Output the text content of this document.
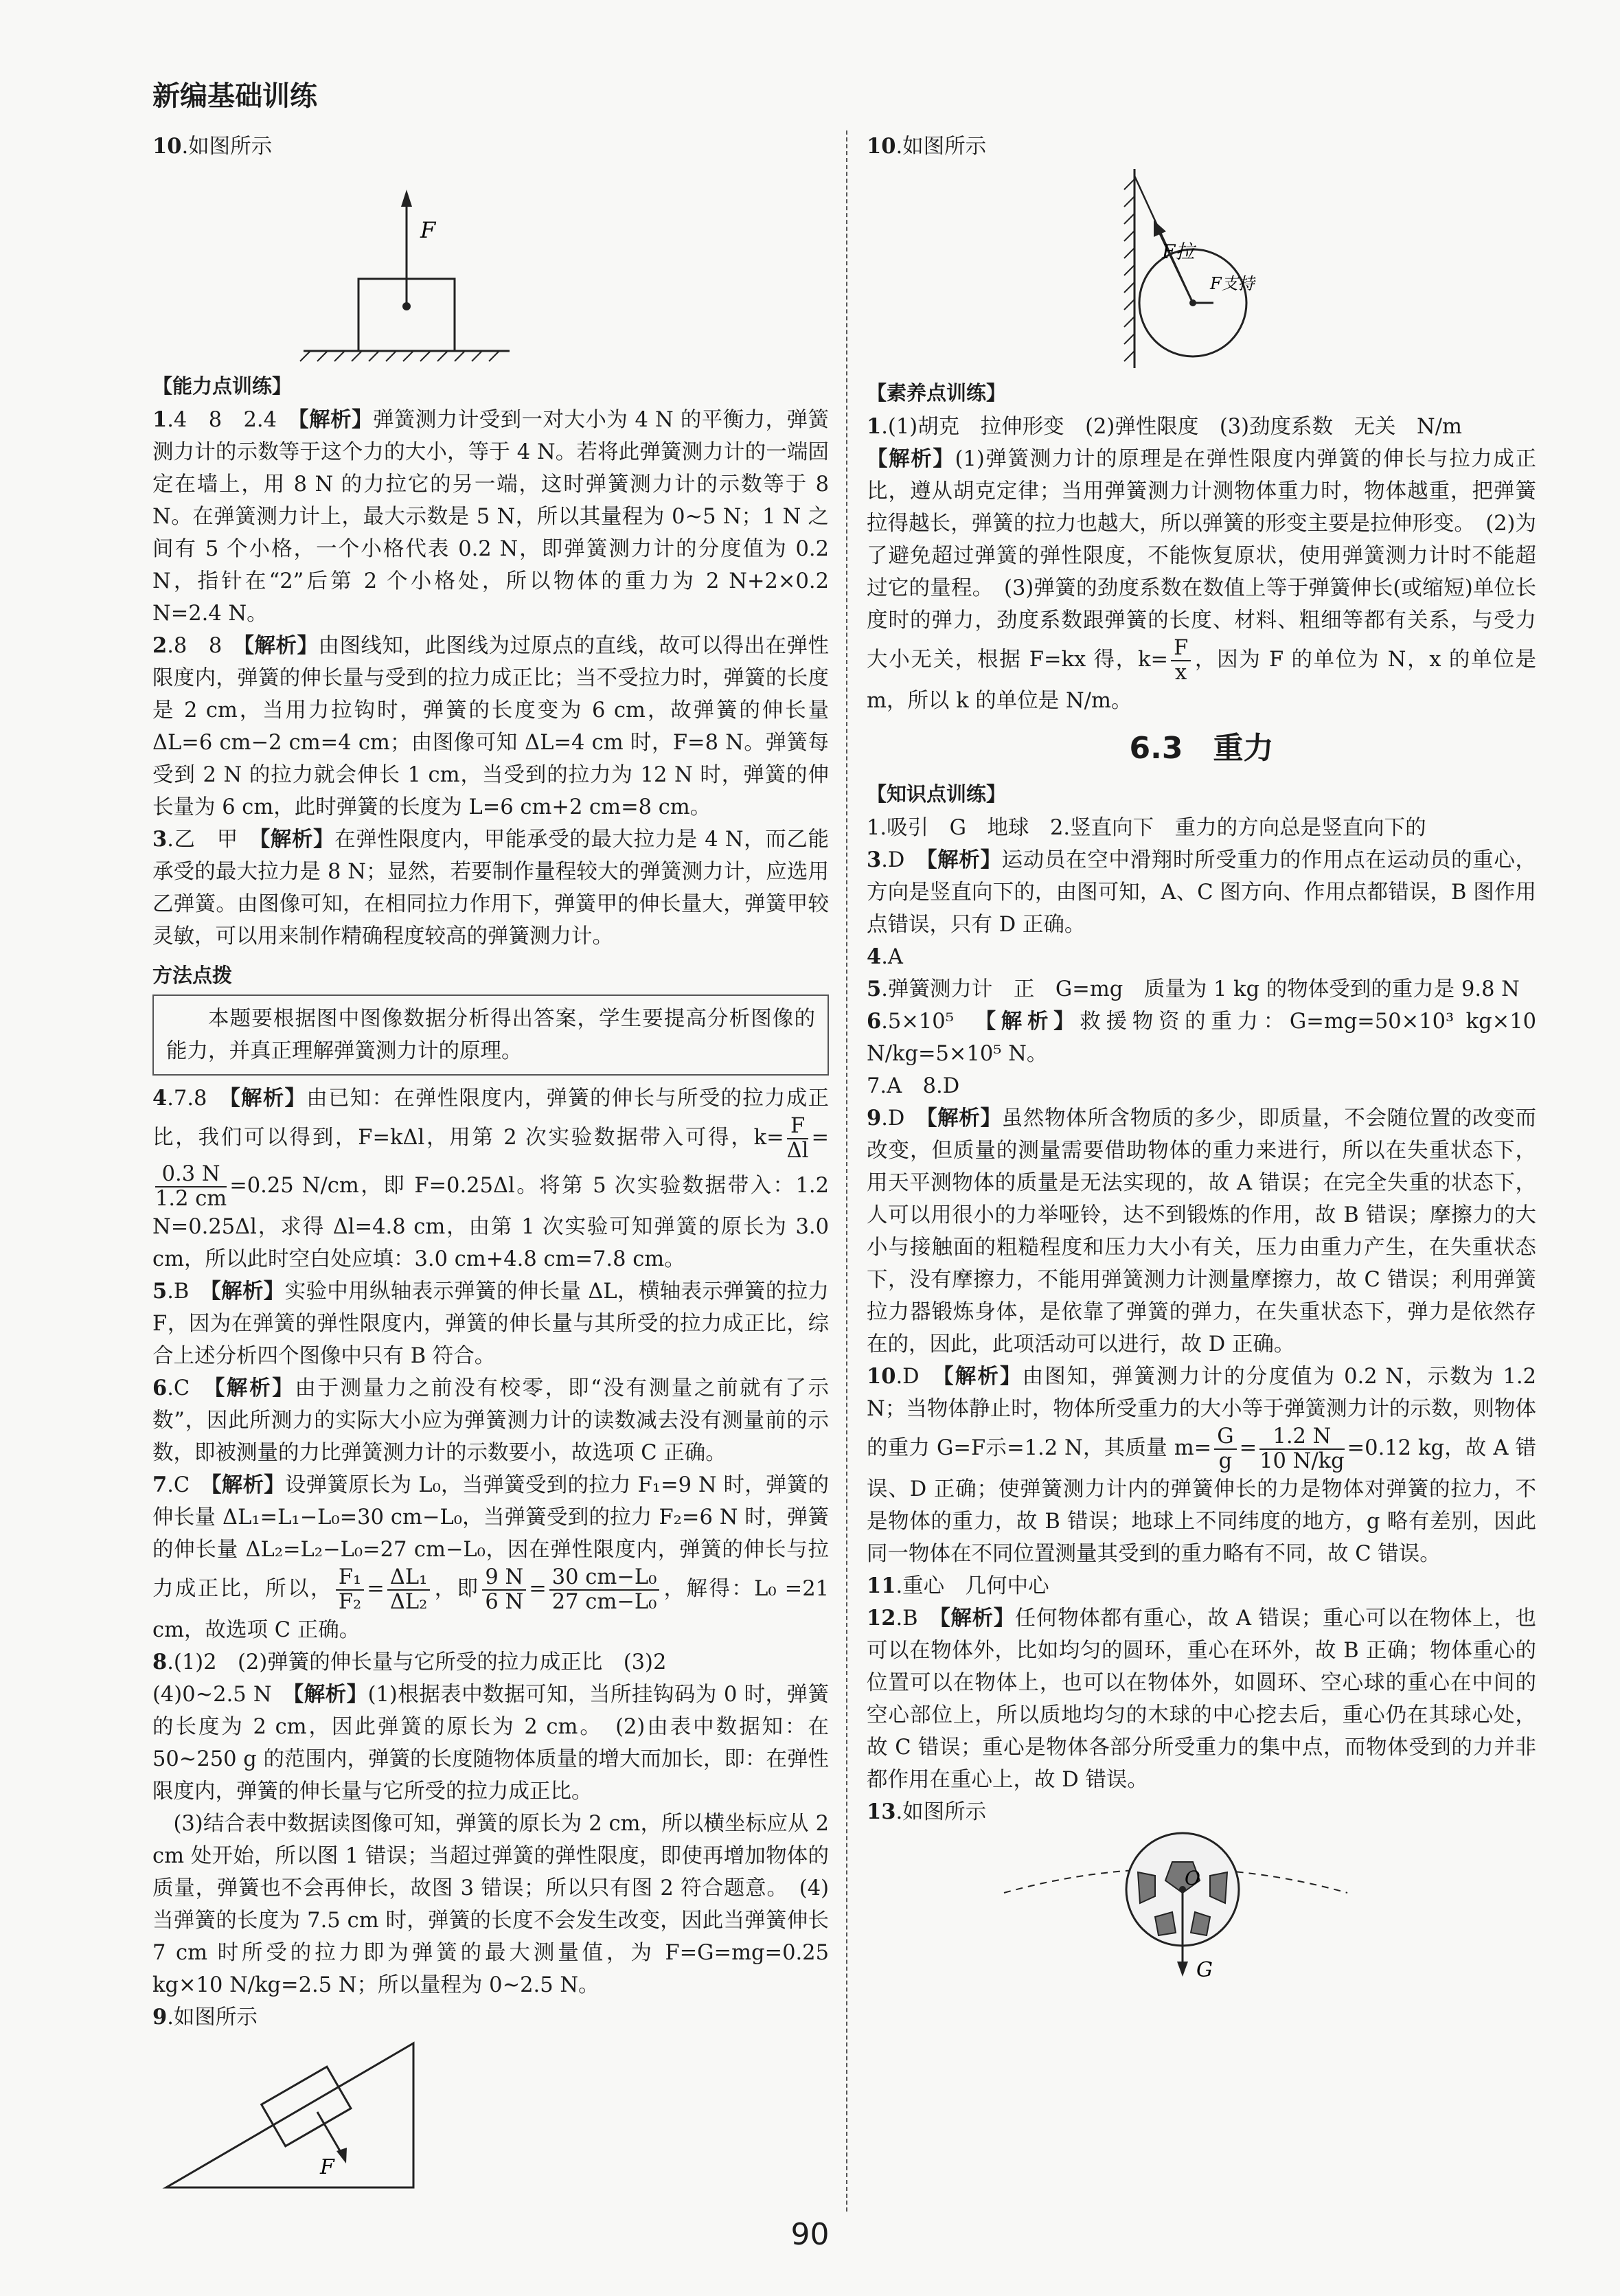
新编基础训练

10.如图所示

F
【能力点训练】

1.4　8　2.4　【解析】弹簧测力计受到一对大小为 4 N 的平衡力，弹簧测力计的示数等于这个力的大小，等于 4 N。若将此弹簧测力计的一端固定在墙上，用 8 N 的力拉它的另一端，这时弹簧测力计的示数等于 8 N。在弹簧测力计上，最大示数是 5 N，所以其量程为 0~5 N；1 N 之间有 5 个小格，一个小格代表 0.2 N，即弹簧测力计的分度值为 0.2 N，指针在“2”后第 2 个小格处，所以物体的重力为 2 N+2×0.2 N=2.4 N。

2.8　8　【解析】由图线知，此图线为过原点的直线，故可以得出在弹性限度内，弹簧的伸长量与受到的拉力成正比；当不受拉力时，弹簧的长度是 2 cm，当用力拉钩时，弹簧的长度变为 6 cm，故弹簧的伸长量 ΔL=6 cm−2 cm=4 cm；由图像可知 ΔL=4 cm 时，F=8 N。弹簧每受到 2 N 的拉力就会伸长 1 cm，当受到的拉力为 12 N 时，弹簧的伸长量为 6 cm，此时弹簧的长度为 L=6 cm+2 cm=8 cm。

3.乙　甲　【解析】在弹性限度内，甲能承受的最大拉力是 4 N，而乙能承受的最大拉力是 8 N；显然，若要制作量程较大的弹簧测力计，应选用乙弹簧。由图像可知，在相同拉力作用下，弹簧甲的伸长量大，弹簧甲较灵敏，可以用来制作精确程度较高的弹簧测力计。

方法点拨

本题要根据图中图像数据分析得出答案，学生要提高分析图像的能力，并真正理解弹簧测力计的原理。

4.7.8　【解析】由已知：在弹性限度内，弹簧的伸长与所受的拉力成正比，我们可以得到，F=kΔl，用第 2 次实验数据带入可得，$k= \frac{F}{\Delta l}$ =
$\frac{0.3 N}{1.2 cm} =0.25$ N/cm，即 F=0.25Δl。将第 5 次实验数据带入：1.2 N=0.25Δl，求得 Δl=4.8 cm，由第 1 次实验可知弹簧的原长为 3.0 cm，所以此时空白处应填：3.0 cm+4.8 cm=7.8 cm。

5.B　【解析】实验中用纵轴表示弹簧的伸长量 ΔL，横轴表示弹簧的拉力 F，因为在弹簧的弹性限度内，弹簧的伸长量与其所受的拉力成正比，综合上述分析四个图像中只有 B 符合。

6.C　【解析】由于测量力之前没有校零，即“没有测量之前就有了示数”，因此所测力的实际大小应为弹簧测力计的读数减去没有测量前的示数，即被测量的力比弹簧测力计的示数要小，故选项 C 正确。

7.C　【解析】设弹簧原长为 L₀，当弹簧受到的拉力 F₁=9 N 时，弹簧的伸长量 ΔL₁=L₁−L₀=30 cm−L₀，当弹簧受到的拉力 F₂=6 N 时，弹簧的伸长量 ΔL₂=L₂−L₀=27 cm−L₀，因在弹性限度内，弹簧的伸长与拉力成正比，所以， $\frac{\text{F₁}}{\text{F₂}} = \frac{\text{ΔL₁}}{\text{ΔL₂}}$ ，即 $\frac{9 N}{6 N} = \frac{\text{30 cm−L₀}}{\text{27 cm−L₀}}$ ，解得：L₀ =21 cm，故选项 C 正确。

8.(1)2　(2)弹簧的伸长量与它所受的拉力成正比　(3)2

(4)0~2.5 N　【解析】(1)根据表中数据可知，当所挂钩码为 0 时，弹簧的长度为 2 cm，因此弹簧的原长为 2 cm。　(2)由表中数据知：在 50~250 g 的范围内，弹簧的长度随物体质量的增大而加长，即：在弹性限度内，弹簧的伸长量与它所受的拉力成正比。

(3)结合表中数据读图像可知，弹簧的原长为 2 cm，所以横坐标应从 2 cm 处开始，所以图 1 错误；当超过弹簧的弹性限度，即使再增加物体的质量，弹簧也不会再伸长，故图 3 错误；所以只有图 2 符合题意。　(4)当弹簧的长度为 7.5 cm 时，弹簧的长度不会发生改变，因此当弹簧伸长 7 cm 时所受的拉力即为弹簧的最大测量值，为 F=G=mg=0.25 kg×10 N/kg=2.5 N；所以量程为 0~2.5 N。

9.如图所示

F

10.如图所示

F拉
F支持
【素养点训练】

1.(1)胡克　拉伸形变　(2)弹性限度　(3)劲度系数　无关　N/m

【解析】(1)弹簧测力计的原理是在弹性限度内弹簧的伸长与拉力成正比，遵从胡克定律；当用弹簧测力计测物体重力时，物体越重，把弹簧拉得越长，弹簧的拉力也越大，所以弹簧的形变主要是拉伸形变。　(2)为了避免超过弹簧的弹性限度，不能恢复原状，使用弹簧测力计时不能超过它的量程。　(3)弹簧的劲度系数在数值上等于弹簧伸长(或缩短)单位长度时的弹力，劲度系数跟弹簧的长度、材料、粗细等都有关系，与受力大小无关，根据 F=kx 得，$k= \frac{F}{x}$ ，因为 F 的单位为 N，x 的单位是 m，所以 k 的单位是 N/m。

6.3　重力
【知识点训练】

1.吸引　G　地球　2.竖直向下　重力的方向总是竖直向下的

3.D　【解析】运动员在空中滑翔时所受重力的作用点在运动员的重心，方向是竖直向下的，由图可知，A、C 图方向、作用点都错误，B 图作用点错误，只有 D 正确。

4.A

5.弹簧测力计　正　G=mg　质量为 1 kg 的物体受到的重力是 9.8 N

6.5×10⁵　【解析】救援物资的重力：G=mg=50×10³ kg×10 N/kg=5×10⁵ N。

7.A　8.D

9.D　【解析】虽然物体所含物质的多少，即质量，不会随位置的改变而改变，但质量的测量需要借助物体的重力来进行，所以在失重状态下，用天平测物体的质量是无法实现的，故 A 错误；在完全失重的状态下，人可以用很小的力举哑铃，达不到锻炼的作用，故 B 错误；摩擦力的大小与接触面的粗糙程度和压力大小有关，压力由重力产生，在失重状态下，没有摩擦力，不能用弹簧测力计测量摩擦力，故 C 错误；利用弹簧拉力器锻炼身体，是依靠了弹簧的弹力，在失重状态下，弹力是依然存在的，因此，此项活动可以进行，故 D 正确。

10.D　【解析】由图知，弹簧测力计的分度值为 0.2 N，示数为 1.2 N；当物体静止时，物体所受重力的大小等于弹簧测力计的示数，则物体的重力 G=F示=1.2 N，其质量 $m= \frac{G}{g} = \frac{1.2 N}{10 N/kg} =0.12$ kg，故 A 错误、D 正确；使弹簧测力计内的弹簧伸长的力是物体对弹簧的拉力，不是物体的重力，故 B 错误；地球上不同纬度的地方，g 略有差别，因此同一物体在不同位置测量其受到的重力略有不同，故 C 错误。

11.重心　几何中心

12.B　【解析】任何物体都有重心，故 A 错误；重心可以在物体上，也可以在物体外，比如均匀的圆环，重心在环外，故 B 正确；物体重心的位置可以在物体上，也可以在物体外，如圆环、空心球的重心在中间的空心部位上，所以质地均匀的木球的中心挖去后，重心仍在其球心处，故 C 错误；重心是物体各部分所受重力的集中点，而物体受到的力并非都作用在重心上，故 D 错误。

13.如图所示

O
G
90
